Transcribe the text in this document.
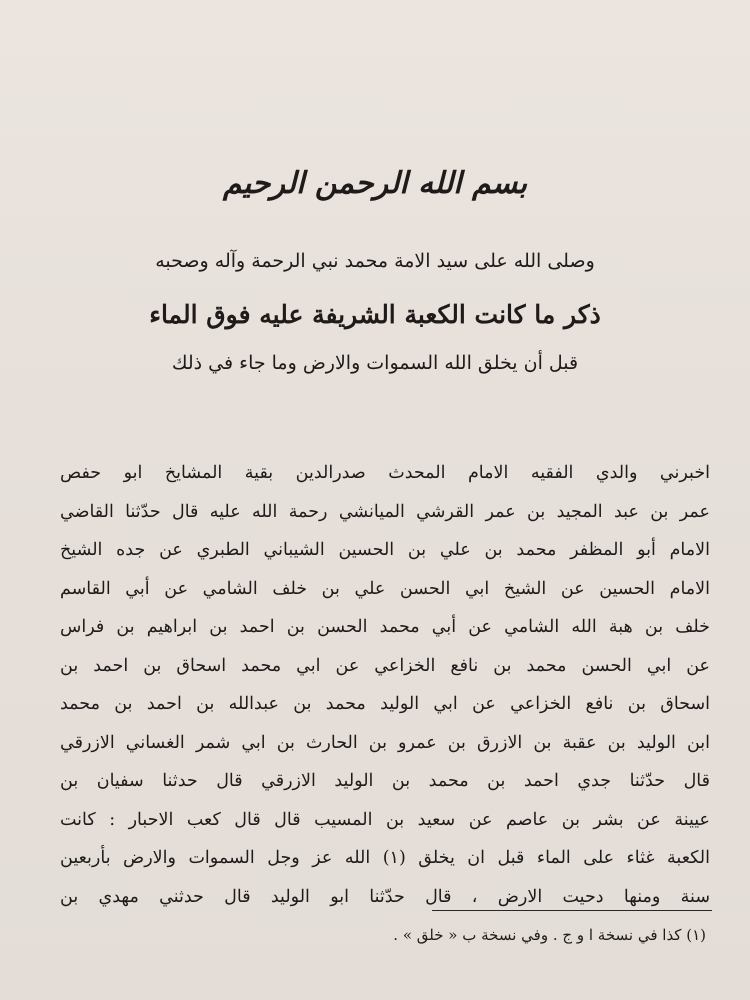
بسم الله الرحمن الرحيم
وصلى الله على سيد الامة محمد نبي الرحمة وآله وصحبه
ذكر ما كانت الكعبة الشريفة عليه فوق الماء
قبل أن يخلق الله السموات والارض وما جاء في ذلك
اخبرني والدي الفقيه الامام المحدث صدرالدين بقية المشايخ ابو حفص
عمر بن عبد المجيد بن عمر القرشي الميانشي رحمة الله عليه قال حدّثنا القاضي
الامام أبو المظفر محمد بن علي بن الحسين الشيباني الطبري عن جده الشيخ
الامام الحسين عن الشيخ ابي الحسن علي بن خلف الشامي عن أبي القاسم
خلف بن هبة الله الشامي عن أبي محمد الحسن بن احمد بن ابراهيم بن فراس
عن ابي الحسن محمد بن نافع الخزاعي عن ابي محمد اسحاق بن احمد بن
اسحاق بن نافع الخزاعي عن ابي الوليد محمد بن عبدالله بن احمد بن محمد
ابن الوليد بن عقبة بن الازرق بن عمرو بن الحارث بن ابي شمر الغساني الازرقي
قال حدّثنا جدي احمد بن محمد بن الوليد الازرقي قال حدثنا سفيان بن
عيينة عن بشر بن عاصم عن سعيد بن المسيب قال قال كعب الاحبار : كانت
الكعبة غثاء على الماء قبل ان يخلق (١) الله عز وجل السموات والارض بأربعين
سنة ومنها دحيت الارض ، قال حدّثنا ابو الوليد قال حدثني مهدي بن
(١) كذا في نسخة ا و ج . وفي نسخة ب « خلق » .
